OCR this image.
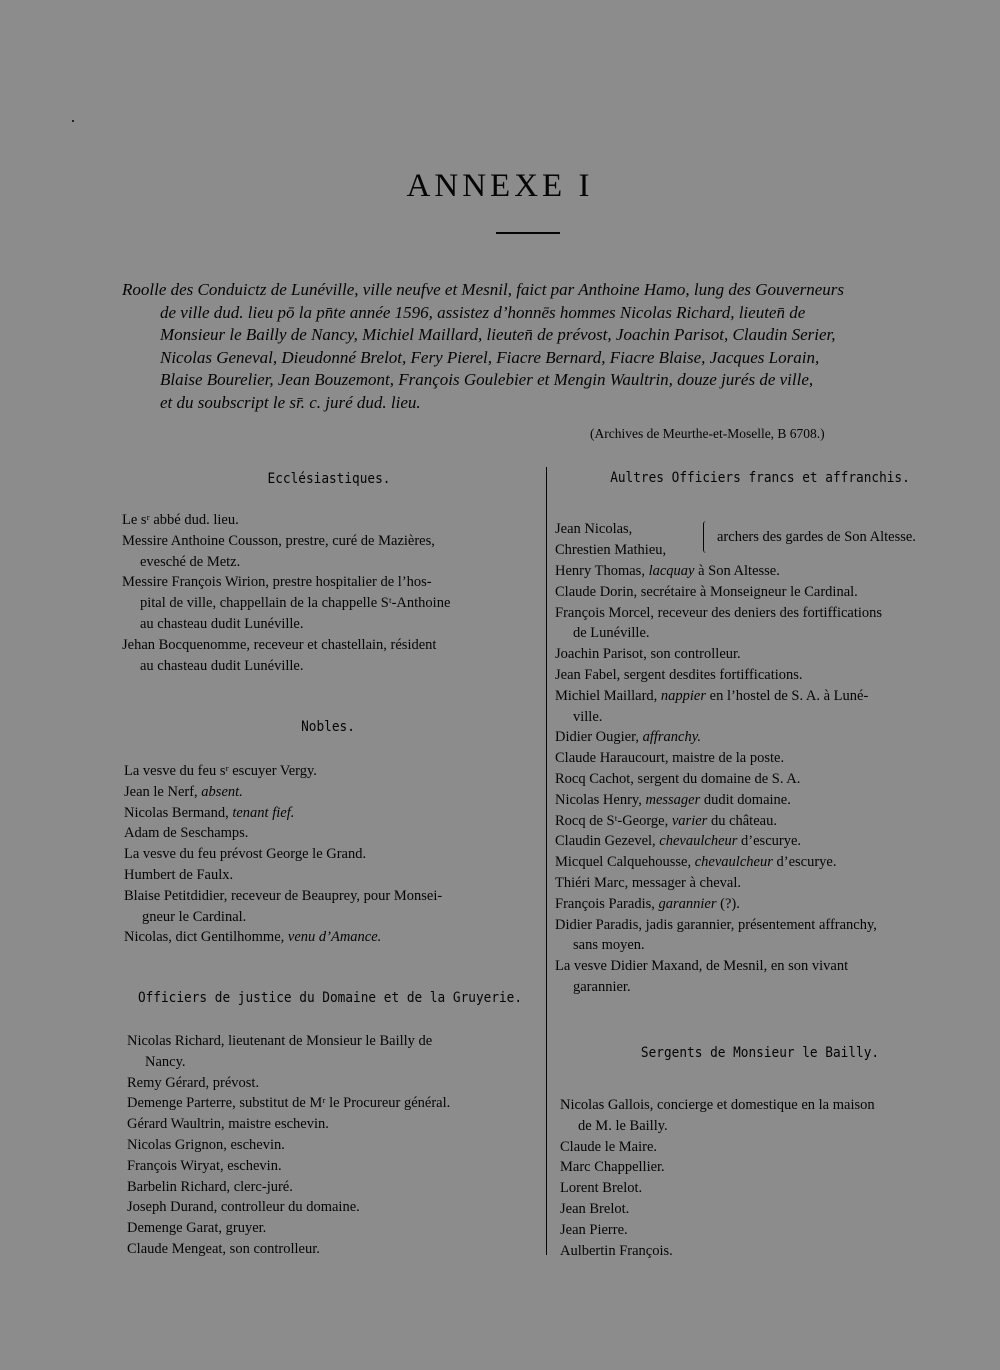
ANNEXE I
Roolle des Conduictz de Lunéville, ville neufve et Mesnil, faict par Anthoine Hamo, lung des Gouverneurs
de ville dud. lieu pō la pn̄te année 1596, assistez d’honnēs hommes Nicolas Richard, lieuten̄ de
Monsieur le Bailly de Nancy, Michiel Maillard, lieuten̄ de prévost, Joachin Parisot, Claudin Serier,
Nicolas Geneval, Dieudonné Brelot, Fery Pierel, Fiacre Bernard, Fiacre Blaise, Jacques Lorain,
Blaise Bourelier, Jean Bouzemont, François Goulebier et Mengin Waultrin, douze jurés de ville,
et du soubscript le sr̄. c. juré dud. lieu.
(Archives de Meurthe-et-Moselle, B 6708.)
Ecclésiastiques.
Le sʳ abbé dud. lieu.
Messire Anthoine Cousson, prestre, curé de Mazières,
evesché de Metz.
Messire François Wirion, prestre hospitalier de l’hos-
pital de ville, chappellain de la chappelle Sᵗ-Anthoine
au chasteau dudit Lunéville.
Jehan Bocquenomme, receveur et chastellain, résident
au chasteau dudit Lunéville.
Nobles.
La vesve du feu sʳ escuyer Vergy.
Jean le Nerf, absent.
Nicolas Bermand, tenant fief.
Adam de Seschamps.
La vesve du feu prévost George le Grand.
Humbert de Faulx.
Blaise Petitdidier, receveur de Beauprey, pour Monsei-
gneur le Cardinal.
Nicolas, dict Gentilhomme, venu d’Amance.
Officiers de justice du Domaine et de la Gruyerie.
Nicolas Richard, lieutenant de Monsieur le Bailly de
Nancy.
Remy Gérard, prévost.
Demenge Parterre, substitut de Mʳ le Procureur général.
Gérard Waultrin, maistre eschevin.
Nicolas Grignon, eschevin.
François Wiryat, eschevin.
Barbelin Richard, clerc-juré.
Joseph Durand, controlleur du domaine.
Demenge Garat, gruyer.
Claude Mengeat, son controlleur.
Aultres Officiers francs et affranchis.
Jean Nicolas,
Chrestien Mathieu,
archers des gardes de Son Altesse.
Henry Thomas, lacquay à Son Altesse.
Claude Dorin, secrétaire à Monseigneur le Cardinal.
François Morcel, receveur des deniers des fortiffications
de Lunéville.
Joachin Parisot, son controlleur.
Jean Fabel, sergent desdites fortiffications.
Michiel Maillard, nappier en l’hostel de S. A. à Luné-
ville.
Didier Ougier, affranchy.
Claude Haraucourt, maistre de la poste.
Rocq Cachot, sergent du domaine de S. A.
Nicolas Henry, messager dudit domaine.
Rocq de Sᵗ-George, varier du château.
Claudin Gezevel, chevaulcheur d’escurye.
Micquel Calquehousse, chevaulcheur d’escurye.
Thiéri Marc, messager à cheval.
François Paradis, garannier (?).
Didier Paradis, jadis garannier, présentement affranchy,
sans moyen.
La vesve Didier Maxand, de Mesnil, en son vivant
garannier.
Sergents de Monsieur le Bailly.
Nicolas Gallois, concierge et domestique en la maison
de M. le Bailly.
Claude le Maire.
Marc Chappellier.
Lorent Brelot.
Jean Brelot.
Jean Pierre.
Aulbertin François.
